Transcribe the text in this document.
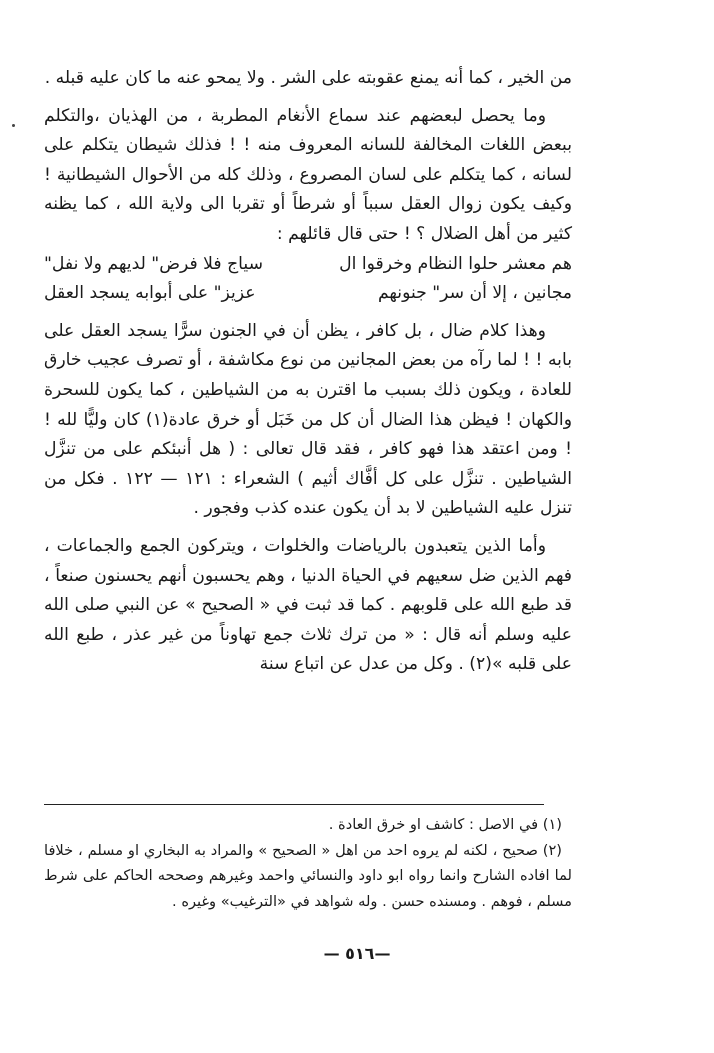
من الخير ، كما أنه يمنع عقوبته على الشر . ولا يمحو عنه ما كان عليه قبله .

وما يحصل لبعضهم عند سماع الأنغام المطربة ، من الهذيان ،والتكلم ببعض اللغات المخالفة للسانه المعروف منه ! ! فذلك شيطان يتكلم على لسانه ، كما يتكلم على لسان المصروع ، وذلك كله من الأحوال الشيطانية ! وكيف يكون زوال العقل سبباً أو شرطاً أو تقربا الى ولاية الله ، كما يظنه كثير من أهل الضلال ؟ ! حتى قال قائلهم :

هم معشر حلوا النظام وخرقوا ال
سياج فلا فرض" لديهم ولا نفل"
مجانين ، إلا أن سر" جنونهم
عزيز" على أبوابه يسجد العقل

وهذا كلام ضال ، بل كافر ، يظن أن في الجنون سرًّا يسجد العقل على بابه ! ! لما رآه من بعض المجانين من نوع مكاشفة ، أو تصرف عجيب خارق للعادة ، ويكون ذلك بسبب ما اقترن به من الشياطين ، كما يكون للسحرة والكهان ! فيظن هذا الضال أن كل من خَبَل أو خرق عادة(١) كان وليًّا لله ! ! ومن اعتقد هذا فهو كافر ، فقد قال تعالى : ( هل أنبئكم على من تنزَّل الشياطين . تنزَّل على كل أفَّاك أثيم ) الشعراء : ١٢١ — ١٢٢ . فكل من تنزل عليه الشياطين لا بد أن يكون عنده كذب وفجور .

وأما الذين يتعبدون بالرياضات والخلوات ، ويتركون الجمع والجماعات ، فهم الذين ضل سعيهم في الحياة الدنيا ، وهم يحسبون أنهم يحسنون صنعاً ، قد طبع الله على قلوبهم . كما قد ثبت في « الصحيح » عن النبي صلى الله عليه وسلم أنه قال : « من ترك ثلاث جمع تهاوناً من غير عذر ، طبع الله على قلبه »(٢) . وكل من عدل عن اتباع سنة

(١) في الاصل : كاشف او خرق العادة .

(٢) صحيح ، لكنه لم يروه احد من اهل « الصحيح » والمراد به البخاري او مسلم ، خلافا لما افاده الشارح وانما رواه ابو داود والنسائي واحمد وغيرهم وصححه الحاكم على شرط مسلم ، فوهم . ومسنده حسن . وله شواهد في «الترغيب» وغيره .

—٥١٦ —
